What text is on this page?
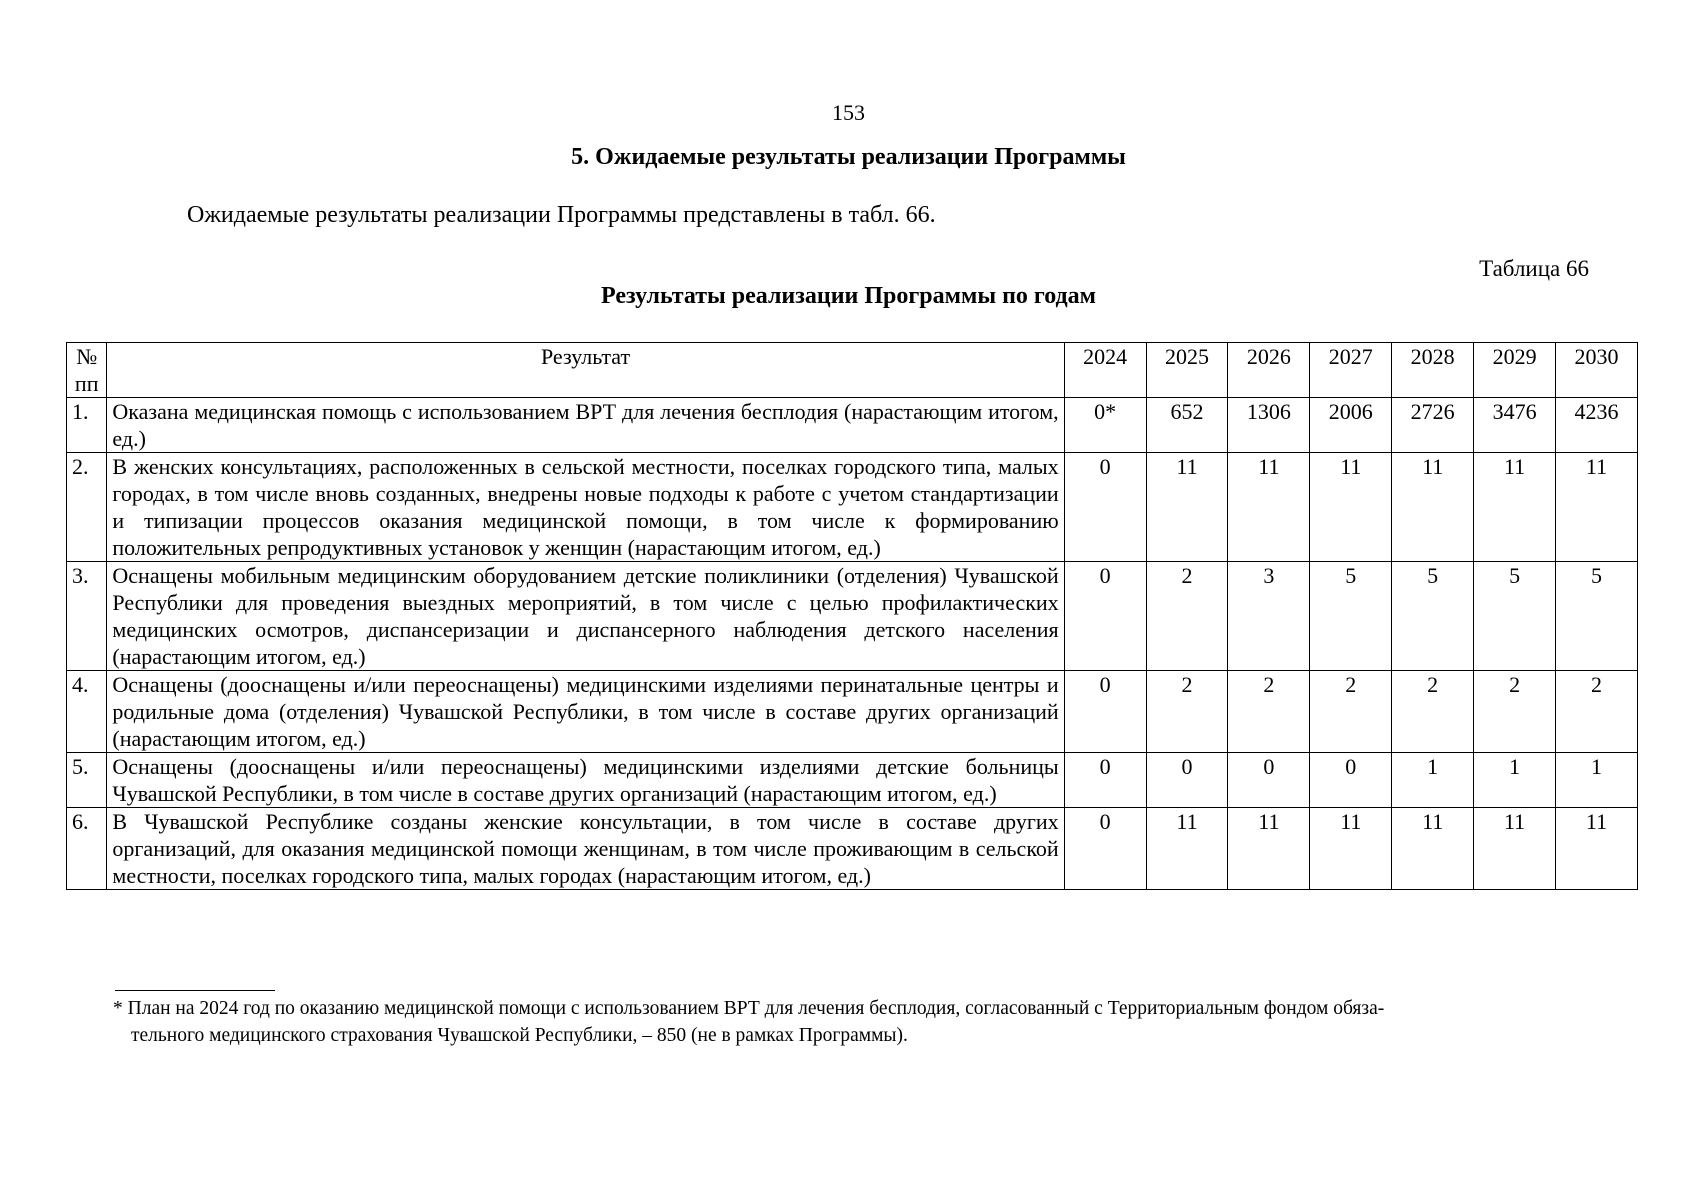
153
5. Ожидаемые результаты реализации Программы
Ожидаемые результаты реализации Программы представлены в табл. 66.
Таблица 66
Результаты реализации Программы по годам
№ пп	Результат	2024	2025	2026	2027	2028	2029	2030
1.	Оказана медицинская помощь с использованием ВРТ для лечения бесплодия (нарастающим итогом, ед.)	0*	652	1306	2006	2726	3476	4236
2.	В женских консультациях, расположенных в сельской местности, поселках городского типа, малых городах, в том числе вновь созданных, внедрены новые подходы к работе с учетом стандартизации и типизации процессов оказания медицинской помощи, в том числе к формированию положительных репродуктивных установок у женщин (нарастающим итогом, ед.)	0	11	11	11	11	11	11
3.	Оснащены мобильным медицинским оборудованием детские поликлиники (отделения) Чувашской Республики для проведения выездных мероприятий, в том числе с целью профилактических медицинских осмотров, диспансеризации и диспансерного наблюдения детского населения (нарастающим итогом, ед.)	0	2	3	5	5	5	5
4.	Оснащены (дооснащены и/или переоснащены) медицинскими изделиями перинатальные центры и родильные дома (отделения) Чувашской Республики, в том числе в составе других организаций (нарастающим итогом, ед.)	0	2	2	2	2	2	2
5.	Оснащены (дооснащены и/или переоснащены) медицинскими изделиями детские больницы Чувашской Республики, в том числе в составе других организаций (нарастающим итогом, ед.)	0	0	0	0	1	1	1
6.	В Чувашской Республике созданы женские консультации, в том числе в составе других организаций, для оказания медицинской помощи женщинам, в том числе проживающим в сельской местности, поселках городского типа, малых городах (нарастающим итогом, ед.)	0	11	11	11	11	11	11
* План на 2024 год по оказанию медицинской помощи с использованием ВРТ для лечения бесплодия, согласованный с Территориальным фондом обяза-
тельного медицинского страхования Чувашской Республики, – 850 (не в рамках Программы).
